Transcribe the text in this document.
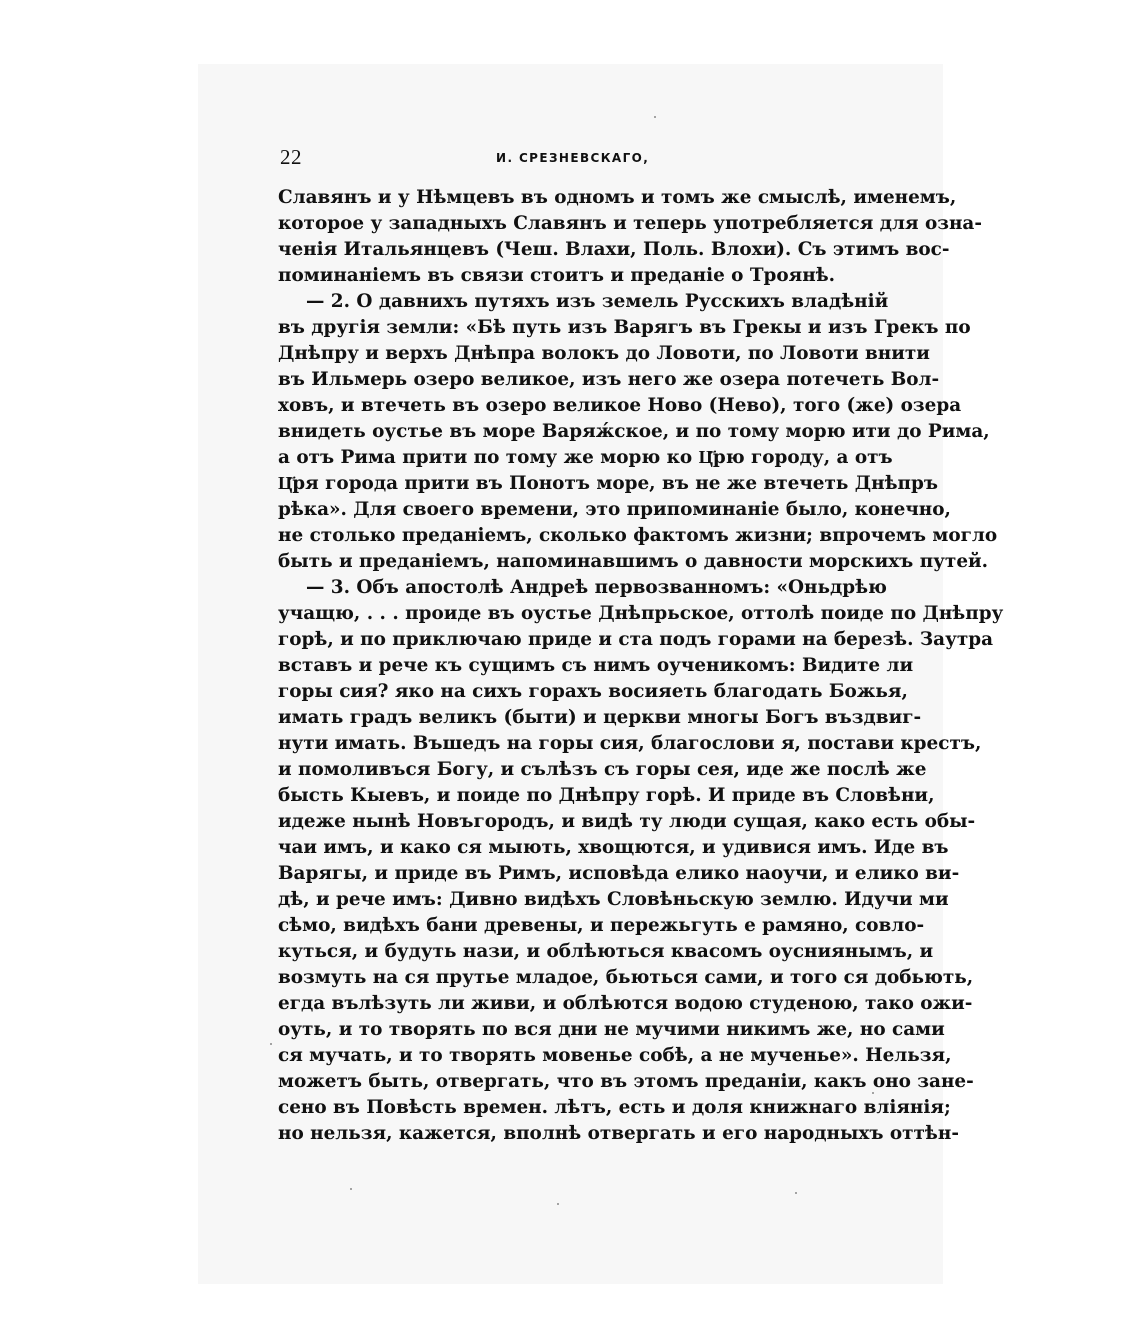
22	И. СРЕЗНЕВСКАГО,
Славянъ и у Нѣмцевъ въ одномъ и томъ же смыслѣ, именемъ,
которое у западныхъ Славянъ и теперь употребляется для озна-
ченія Итальянцевъ (Чеш. Влахи, Поль. Влохи). Съ этимъ вос-
поминаніемъ въ связи стоитъ и преданіе о Троянѣ.
— 2. О давнихъ путяхъ изъ земель Русскихъ владѣній
въ другія земли: «Бѣ путь изъ Варягъ въ Грекы и изъ Грекъ по
Днѣпру и верхъ Днѣпра волокъ до Ловоти, по Ловоти внити
въ Ильмерь озеро великое, изъ него же озера потечеть Вол-
ховъ, и втечеть въ озеро великое Ново (Нево), того (же) озера
внидеть оустье въ море Варяж́ское, и по тому морю ити до Рима,
а отъ Рима прити по тому же морю ко Ц҃рю городу, а отъ
Ц҃ря города прити въ Понотъ море, въ не же втечеть Днѣпръ
рѣка». Для своего времени, это припоминаніе было, конечно,
не столько преданіемъ, сколько фактомъ жизни; впрочемъ могло
быть и преданіемъ, напоминавшимъ о давности морскихъ путей.
— 3. Объ апостолѣ Андреѣ первозванномъ: «Оньдрѣю
учащю, . . . проиде въ оустье Днѣпрьское, оттолѣ поиде по Днѣпру
горѣ, и по приключаю приде и ста подъ горами на березѣ. Заутра
вставъ и рече къ сущимъ съ нимъ оученикомъ: Видите ли
горы сия? яко на сихъ горахъ восияеть благодать Божья,
имать градъ великъ (быти) и церкви многы Богъ въздвиг-
нути имать. Въшедъ на горы сия, благослови я, постави крестъ,
и помоливъся Богу, и сълѣзъ съ горы сея, иде же послѣ же
бысть Кыевъ, и поиде по Днѣпру горѣ. И приде въ Словѣни,
идеже нынѣ Новъгородъ, и видѣ ту люди сущая, како есть обы-
чаи имъ, и како ся мыють, хвощются, и удивися имъ. Иде въ
Варягы, и приде въ Римъ, исповѣда елико наоучи, и елико ви-
дѣ, и рече имъ: Дивно видѣхъ Словѣньскую землю. Идучи ми
сѣмо, видѣхъ бани древены, и пережьгуть е рамяно, совло-
куться, и будуть нази, и облѣються квасомъ оусниянымъ, и
возмуть на ся прутье младое, бьються сами, и того ся добьють,
егда вълѣзуть ли живи, и облѣются водою студеною, тако ожи-
оуть, и то творять по вся дни не мучими никимъ же, но сами
ся мучать, и то творять мовенье собѣ, а не мученье». Нельзя,
можетъ быть, отвергать, что въ этомъ преданіи, какъ оно зане-
сено въ Повѣсть времен. лѣтъ, есть и доля книжнаго вліянія;
но нельзя, кажется, вполнѣ отвергать и его народныхъ оттѣн-
